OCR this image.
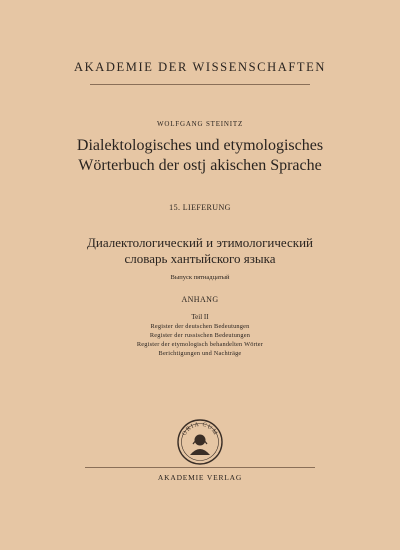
AKADEMIE DER WISSENSCHAFTEN
WOLFGANG STEINITZ
Dialektologisches und etymologisches
Wörterbuch der ostj akischen Sprache
15. LIEFERUNG
Диалектологический и этимологический
словарь хантыйского языка
Выпуск пятнадцатый
ANHANG
Teil II
Register der deutschen Bedeutungen
Register der russischen Bedeutungen
Register der etymologisch behandelten Wörter
Berichtigungen und Nachträge
ORIA CUM
AKADEMIE VERLAG
